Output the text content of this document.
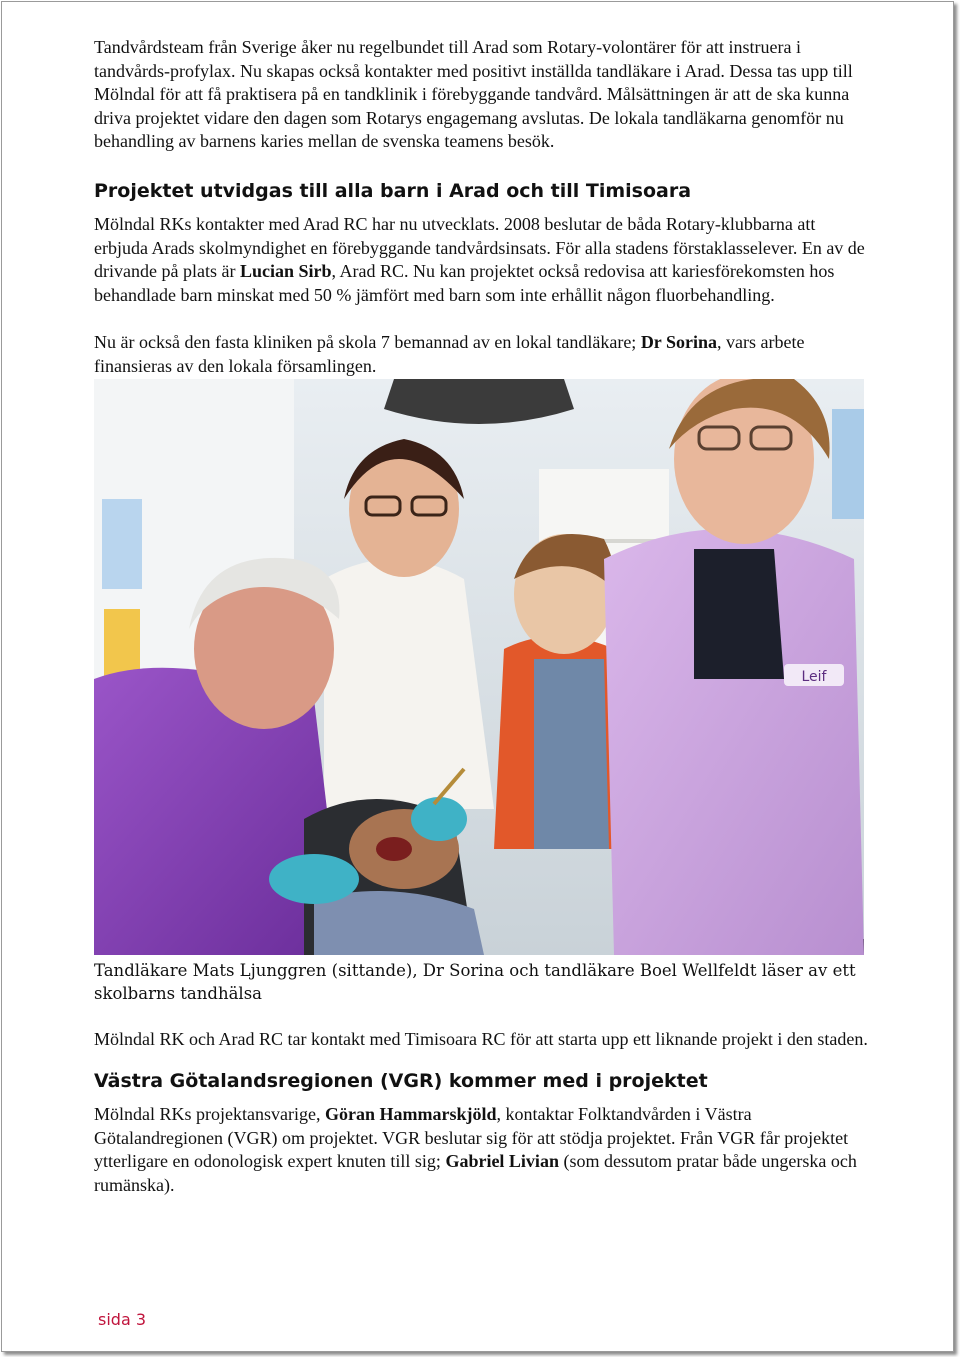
Tandvårdsteam från Sverige åker nu regelbundet till Arad som Rotary-volontärer för att instruera i tandvårds-profylax. Nu skapas också kontakter med positivt inställda tandläkare i Arad. Dessa tas upp till Mölndal för att få praktisera på en tandklinik i förebyggande tandvård. Målsättningen är att de ska kunna driva projektet vidare den dagen som Rotarys engagemang avslutas. De lokala tandläkarna genomför nu behandling av barnens karies mellan de svenska teamens besök.

Projektet utvidgas till alla barn i Arad och till Timisoara

Mölndal RKs kontakter med Arad RC har nu utvecklats. 2008 beslutar de båda Rotary-klubbarna att erbjuda Arads skolmyndighet en förebyggande tandvårdsinsats. För alla stadens förstaklasselever. En av de drivande på plats är Lucian Sirb, Arad RC. Nu kan projektet också redovisa att kariesförekomsten hos behandlade barn minskat med 50 % jämfört med barn som inte erhållit någon fluorbehandling.

Nu är också den fasta kliniken på skola 7 bemannad av en lokal tandläkare; Dr Sorina, vars arbete finansieras av den lokala församlingen.

Leif

Tandläkare Mats Ljunggren (sittande), Dr Sorina och tandläkare Boel Wellfeldt läser av ett skolbarns tandhälsa

Mölndal RK och Arad RC tar kontakt med Timisoara RC för att starta upp ett liknande projekt i den staden.

Västra Götalandsregionen (VGR) kommer med i projektet

Mölndal RKs projektansvarige, Göran Hammarskjöld, kontaktar Folktandvården i Västra Götalandregionen (VGR) om projektet. VGR beslutar sig för att stödja projektet. Från VGR får projektet ytterligare en odonologisk expert knuten till sig; Gabriel Livian (som dessutom pratar både ungerska och rumänska).

sida 3
